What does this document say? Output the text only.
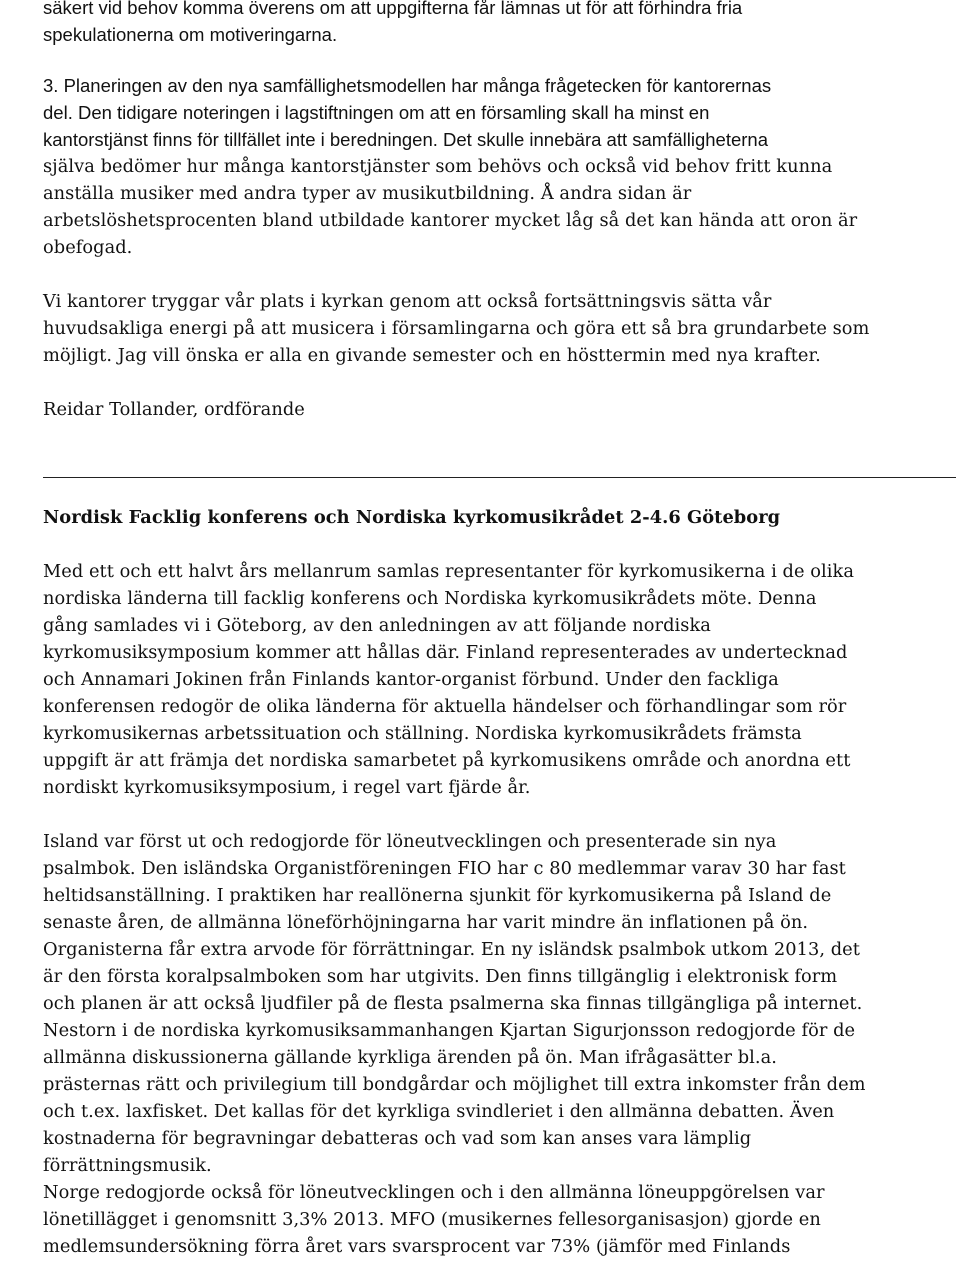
säkert vid behov komma överens om att uppgifterna får lämnas ut för att förhindra fria
spekulationerna om motiveringarna.
3. Planeringen av den nya samfällighetsmodellen har många frågetecken för kantorernas
del. Den tidigare noteringen i lagstiftningen om att en församling skall ha minst en
kantorstjänst finns för tillfället inte i beredningen. Det skulle innebära att samfälligheterna
själva bedömer hur många kantorstjänster som behövs och också vid behov fritt kunna
anställa musiker med andra typer av musikutbildning. Å andra sidan är
arbetslöshetsprocenten bland utbildade kantorer mycket låg så det kan hända att oron är
obefogad.
Vi kantorer tryggar vår plats i kyrkan genom att också fortsättningsvis sätta vår
huvudsakliga energi på att musicera i församlingarna och göra ett så bra grundarbete som
möjligt. Jag vill önska er alla en givande semester och en hösttermin med nya krafter.
Reidar Tollander, ordförande
Nordisk Facklig konferens och Nordiska kyrkomusikrådet 2-4.6 Göteborg
Med ett och ett halvt års mellanrum samlas representanter för kyrkomusikerna i de olika
nordiska länderna till facklig konferens och Nordiska kyrkomusikrådets möte. Denna
gång samlades vi i Göteborg, av den anledningen av att följande nordiska
kyrkomusiksymposium kommer att hållas där. Finland representerades av undertecknad
och Annamari Jokinen från Finlands kantor-organist förbund. Under den fackliga
konferensen redogör de olika länderna för aktuella händelser och förhandlingar som rör
kyrkomusikernas arbetssituation och ställning. Nordiska kyrkomusikrådets främsta
uppgift är att främja det nordiska samarbetet på kyrkomusikens område och anordna ett
nordiskt kyrkomusiksymposium, i regel vart fjärde år.
Island var först ut och redogjorde för löneutvecklingen och presenterade sin nya
psalmbok. Den isländska Organistföreningen FIO har c 80 medlemmar varav 30 har fast
heltidsanställning. I praktiken har reallönerna sjunkit för kyrkomusikerna på Island de
senaste åren, de allmänna löneförhöjningarna har varit mindre än inflationen på ön.
Organisterna får extra arvode för förrättningar. En ny isländsk psalmbok utkom 2013, det
är den första koralpsalmboken som har utgivits. Den finns tillgänglig i elektronisk form
och planen är att också ljudfiler på de flesta psalmerna ska finnas tillgängliga på internet.
Nestorn i de nordiska kyrkomusiksammanhangen Kjartan Sigurjonsson redogjorde för de
allmänna diskussionerna gällande kyrkliga ärenden på ön. Man ifrågasätter bl.a.
prästernas rätt och privilegium till bondgårdar och möjlighet till extra inkomster från dem
och t.ex. laxfisket. Det kallas för det kyrkliga svindleriet i den allmänna debatten. Även
kostnaderna för begravningar debatteras och vad som kan anses vara lämplig
förrättningsmusik.
Norge redogjorde också för löneutvecklingen och i den allmänna löneuppgörelsen var
lönetillägget i genomsnitt 3,3% 2013. MFO (musikernes fellesorganisasjon) gjorde en
medlemsundersökning förra året vars svarsprocent var 73% (jämför med Finlands
